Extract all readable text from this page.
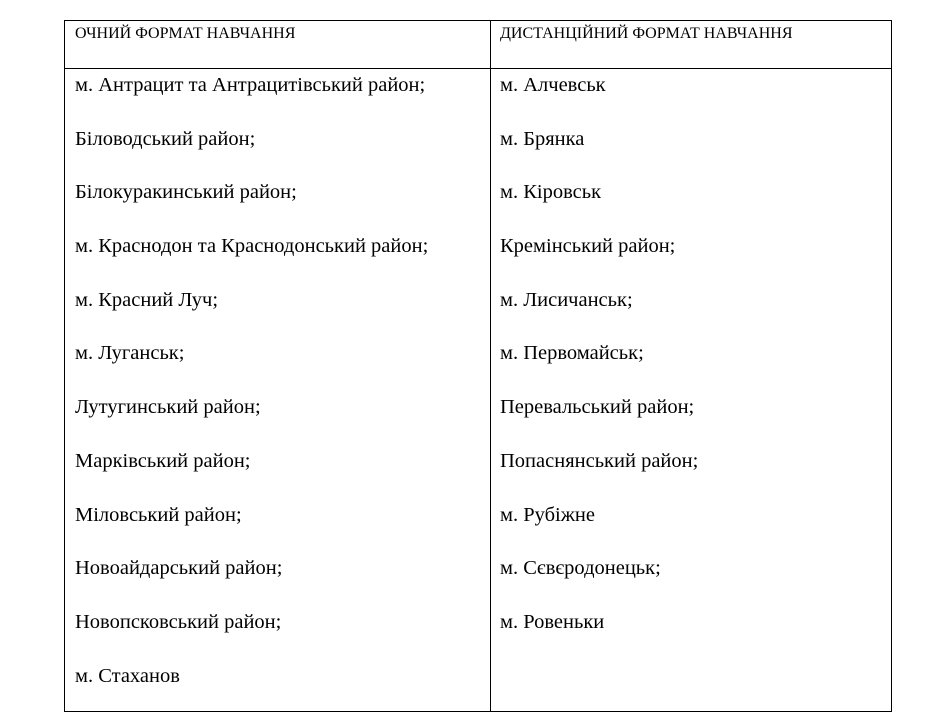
ОЧНИЙ ФОРМАТ НАВЧАННЯ	ДИСТАНЦІЙНИЙ ФОРМАТ НАВЧАННЯ
м. Антрацит та Антрацитівський район;
Біловодський район;
Білокуракинський район;
м. Краснодон та Краснодонський район;
м. Красний Луч;
м. Луганськ;
Лутугинський район;
Марківський район;
Міловський район;
Новоайдарський район;
Новопсковський район;
м. Стаханов
м. Алчевськ
м. Брянка
м. Кіровськ
Кремінський район;
м. Лисичанськ;
м. Первомайськ;
Перевальський район;
Попаснянський район;
м. Рубіжне
м. Сєвєродонецьк;
м. Ровеньки
